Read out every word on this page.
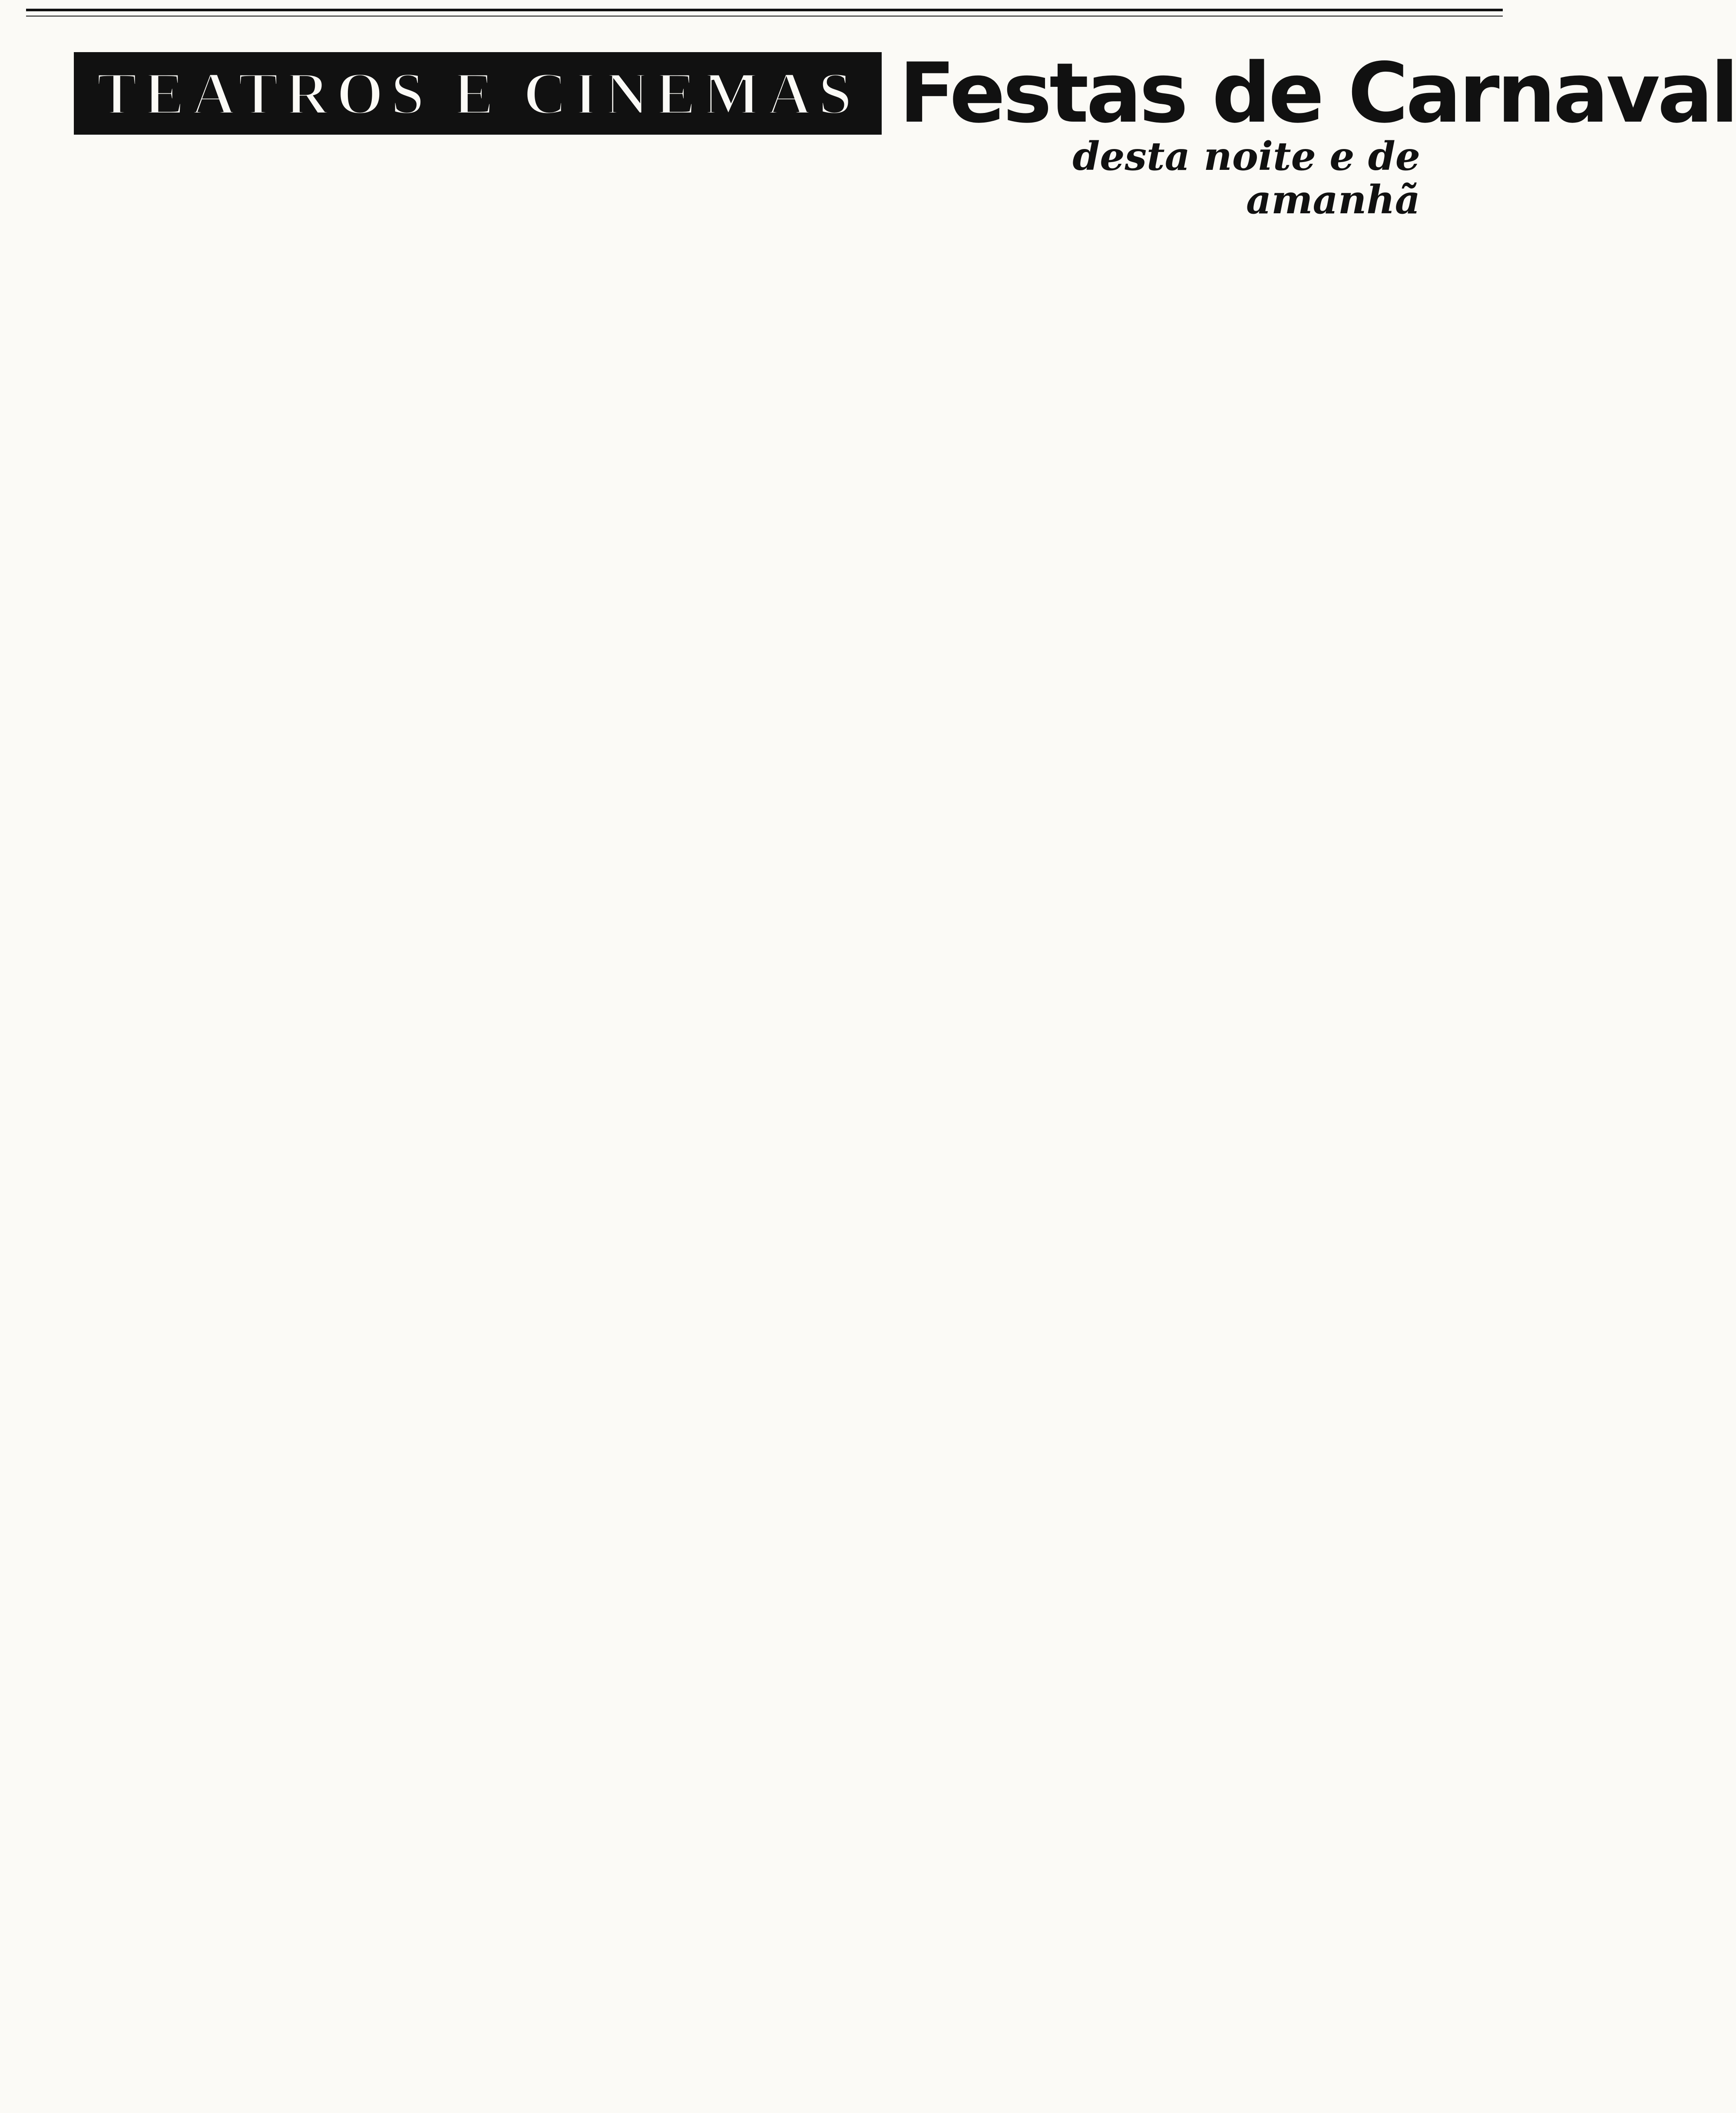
TEATROS E CINEMAS Festas de Carnaval
desta noite e de amanhã
